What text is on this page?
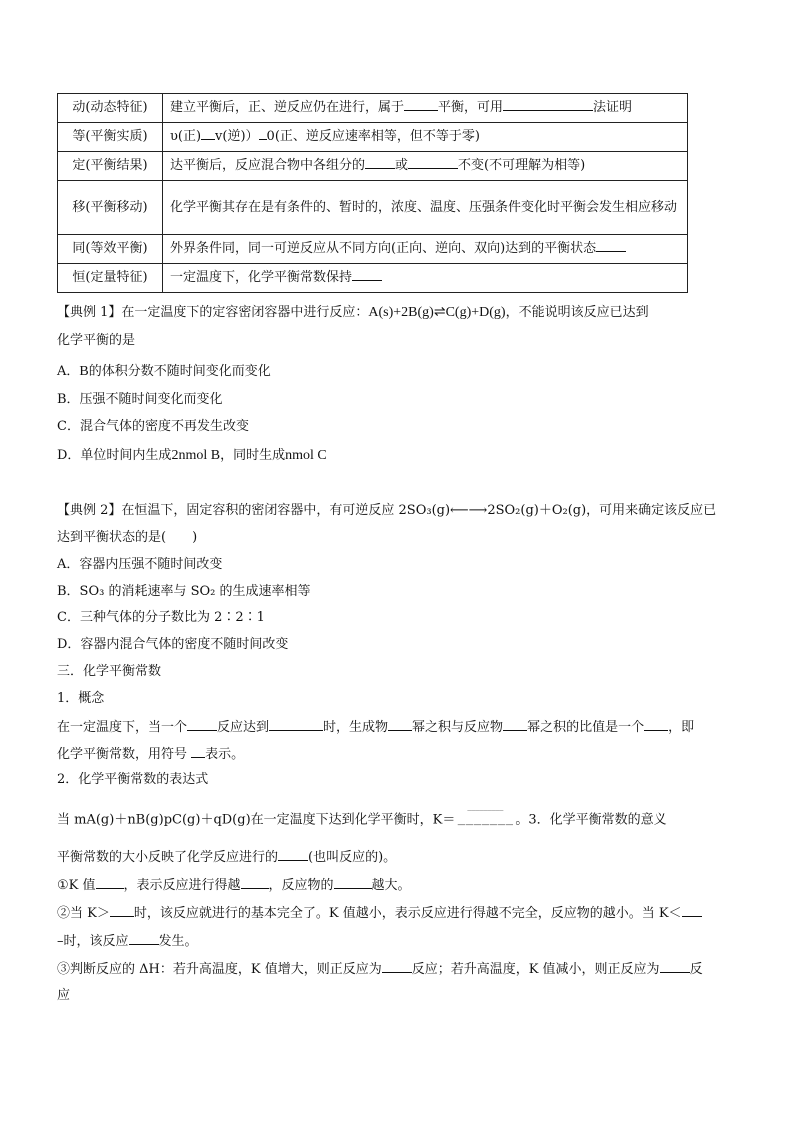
动(动态特征)	建立平衡后，正、逆反应仍在进行，属于 平衡，可用 法证明
等(平衡实质)	υ(正) v(逆)） 0(正、逆反应速率相等，但不等于零)
定(平衡结果)	达平衡后，反应混合物中各组分的 或 不变(不可理解为相等)
移(平衡移动)	化学平衡其存在是有条件的、暂时的，浓度、温度、压强条件变化时平衡会发生相应移动
同(等效平衡)	外界条件同，同一可逆反应从不同方向(正向、逆向、双向)达到的平衡状态
恒(定量特征)	一定温度下，化学平衡常数保持
【典例 1】在一定温度下的定容密闭容器中进行反应：A(s)+2B(g)⇌C(g)+D(g)，不能说明该反应已达到
化学平衡的是
A．B的体积分数不随时间变化而变化
B．压强不随时间变化而变化
C．混合气体的密度不再发生改变
D．单位时间内生成2nmol B，同时生成nmol C
【典例 2】在恒温下，固定容积的密闭容器中，有可逆反应 2SO₃(g)⟵⟶2SO₂(g)＋O₂(g)，可用来确定该反应已
达到平衡状态的是(　　)
A．容器内压强不随时间改变
B．SO₃ 的消耗速率与 SO₂ 的生成速率相等
C．三种气体的分子数比为 2∶2∶1
D．容器内混合气体的密度不随时间改变
三．化学平衡常数
1．概念
在一定温度下，当一个 反应达到	时，生成物 幂之积与反应物 幂之积的比值是一个 ，即
化学平衡常数，用符号 表示。
2．化学平衡常数的表达式
当 mA(g)＋nB(g)pC(g)＋qD(g)在一定温度下达到化学平衡时，K＝ ‾‾‾‾‾‾‾‾‾
——————— 。3．化学平衡常数的意义
平衡常数的大小反映了化学反应进行的 (也叫反应的)。
①K 值 ，表示反应进行得越 ，反应物的	越大。
②当 K＞ 时，该反应就进行的基本完全了。K 值越小，表示反应进行得越不完全，反应物的越小。当 K＜
–时，该反应 发生。
③判断反应的 ΔH：若升高温度，K 值增大，则正反应为 反应；若升高温度，K 值减小，则正反应为 反
应
